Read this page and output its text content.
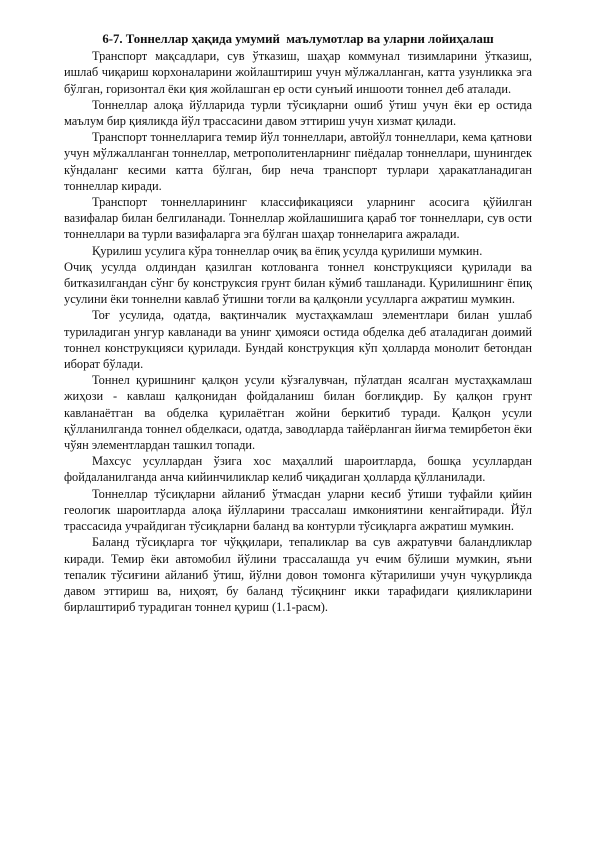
6-7. Тоннеллар ҳақида умумий  маълумотлар ва уларни лойиҳалаш

Транспорт мақсадлари, сув ўтказиш, шаҳар коммунал тизимларини ўтказиш, ишлаб чиқариш корхоналарини жойлаштириш учун мўлжалланган, катта узунликка эга бўлган, горизонтал ёки қия жойлашган ер ости сунъий иншооти тоннел деб аталади.

Тоннеллар алоқа йўлларида турли тўсиқларни ошиб ўтиш учун ёки ер остида маълум бир қияликда йўл трассасини давом эттириш учун хизмат қилади.

Транспорт тоннелларига темир йўл тоннеллари, автойўл тоннеллари, кема қатнови учун мўлжалланган тоннеллар, метрополитенларнинг пиёдалар тоннеллари, шунингдек кўндаланг кесими катта бўлган, бир неча транспорт турлари ҳаракатланадиган тоннеллар киради.

Транспорт тоннелларининг классификацияси уларнинг асосига қўйилган вазифалар билан белгиланади. Тоннеллар жойлашишига қараб тоғ тоннеллари, сув ости тоннеллари ва турли вазифаларга эга бўлган шаҳар тоннеларига ажралади.

Қурилиш усулига кўра тоннеллар очиқ ва ёпиқ усулда қурилиши мумкин.

Очиқ усулда олдиндан қазилган котлованга тоннел конструкцияси қурилади ва битказилгандан сўнг бу конструксия грунт билан кўмиб ташланади. Қурилишнинг ёпиқ усулини ёки тоннелни кавлаб ўтишни тоғли ва қалқонли усулларга ажратиш мумкин.

Тоғ усулида, одатда, вақтинчалик мустаҳкамлаш элементлари билан ушлаб туриладиган унгур кавланади ва унинг ҳимояси остида обделка деб аталадиган доимий тоннел конструкцияси қурилади. Бундай конструкция кўп ҳолларда монолит бетондан иборат бўлади.

Тоннел қуришнинг қалқон усули кўзғалувчан, пўлатдан ясалган мустаҳкамлаш жиҳози - кавлаш қалқонидан фойдаланиш билан боғлиқдир. Бу қалқон грунт кавланаётган ва обделка қурилаётган жойни беркитиб туради. Қалқон усули қўлланилганда тоннел обделкаси, одатда, заводларда тайёрланган йиғма темирбетон ёки чўян элементлардан ташкил топади.

Махсус усуллардан ўзига хос маҳаллий шароитларда, бошқа усуллардан фойдаланилганда анча кийинчиликлар келиб чиқадиган ҳолларда қўлланилади.

Тоннеллар тўсиқларни айланиб ўтмасдан уларни кесиб ўтиши туфайли қийин геологик шароитларда алоқа йўлларини трассалаш имкониятини кенгайтиради. Йўл трассасида учрайдиган тўсиқларни баланд ва контурли тўсиқларга ажратиш мумкин.

Баланд тўсиқларга тоғ чўққилари, тепаликлар ва сув ажратувчи баландликлар киради. Темир ёки автомобил йўлини трассалашда уч ечим бўлиши мумкин, яъни тепалик тўсиғини айланиб ўтиш, йўлни довон томонга кўтарилиши учун чуқурликда давом эттириш ва, ниҳоят, бу баланд тўсиқнинг икки тарафидаги қияликларини бирлаштириб турадиган тоннел қуриш (1.1-расм).
